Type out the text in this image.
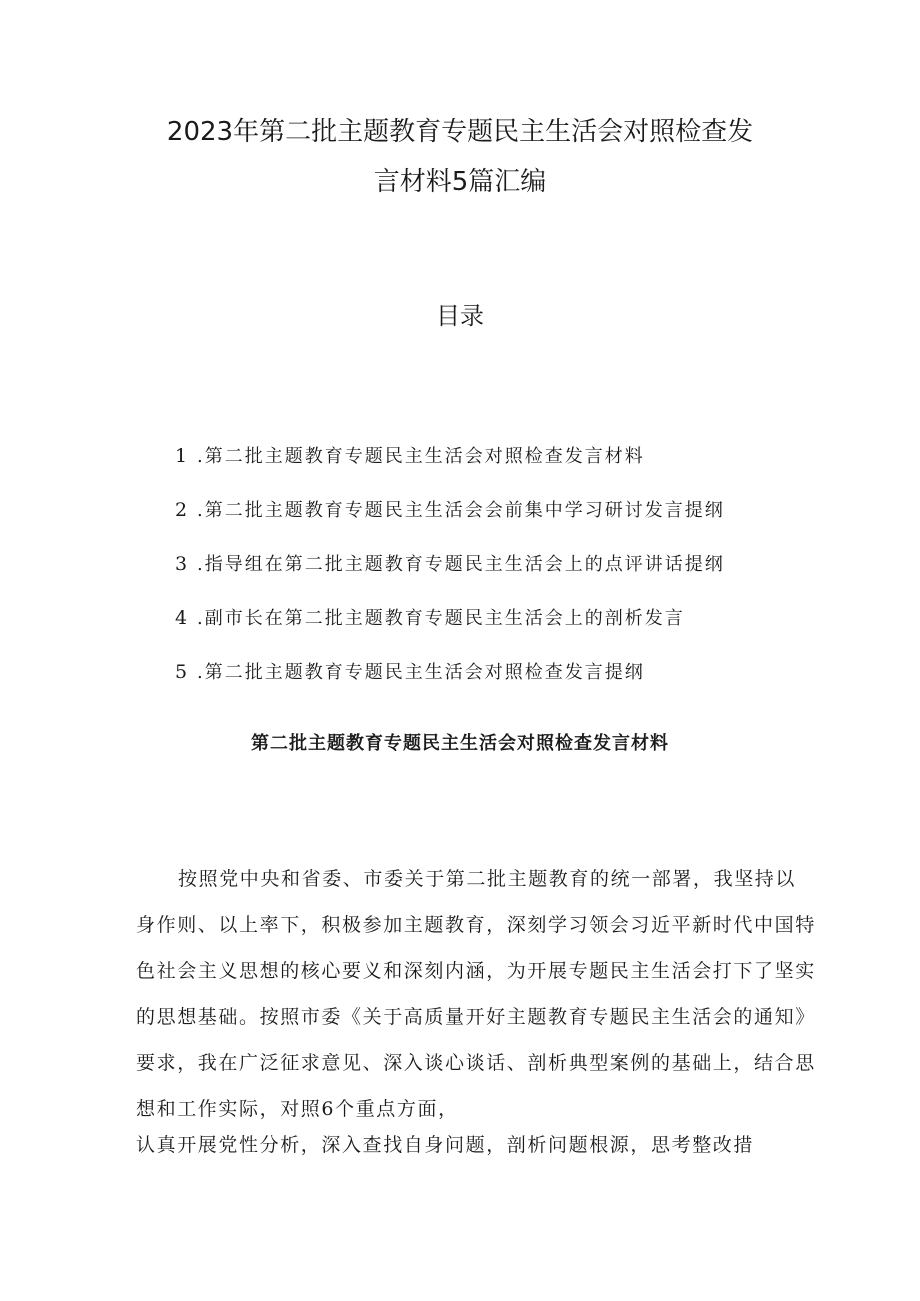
2023年第二批主题教育专题民主生活会对照检查发
言材料5篇汇编
目录
1 .第二批主题教育专题民主生活会对照检查发言材料
2 .第二批主题教育专题民主生活会会前集中学习研讨发言提纲
3 .指导组在第二批主题教育专题民主生活会上的点评讲话提纲
4 .副市长在第二批主题教育专题民主生活会上的剖析发言
5 .第二批主题教育专题民主生活会对照检查发言提纲
第二批主题教育专题民主生活会对照检查发言材料
按照党中央和省委、市委关于第二批主题教育的统一部署，我坚持以
身作则、以上率下，积极参加主题教育，深刻学习领会习近平新时代中国特
色社会主义思想的核心要义和深刻内涵，为开展专题民主生活会打下了坚实
的思想基础。按照市委《关于高质量开好主题教育专题民主生活会的通知》
要求，我在广泛征求意见、深入谈心谈话、剖析典型案例的基础上，结合思
想和工作实际，对照6个重点方面，
认真开展党性分析，深入查找自身问题，剖析问题根源，思考整改措
